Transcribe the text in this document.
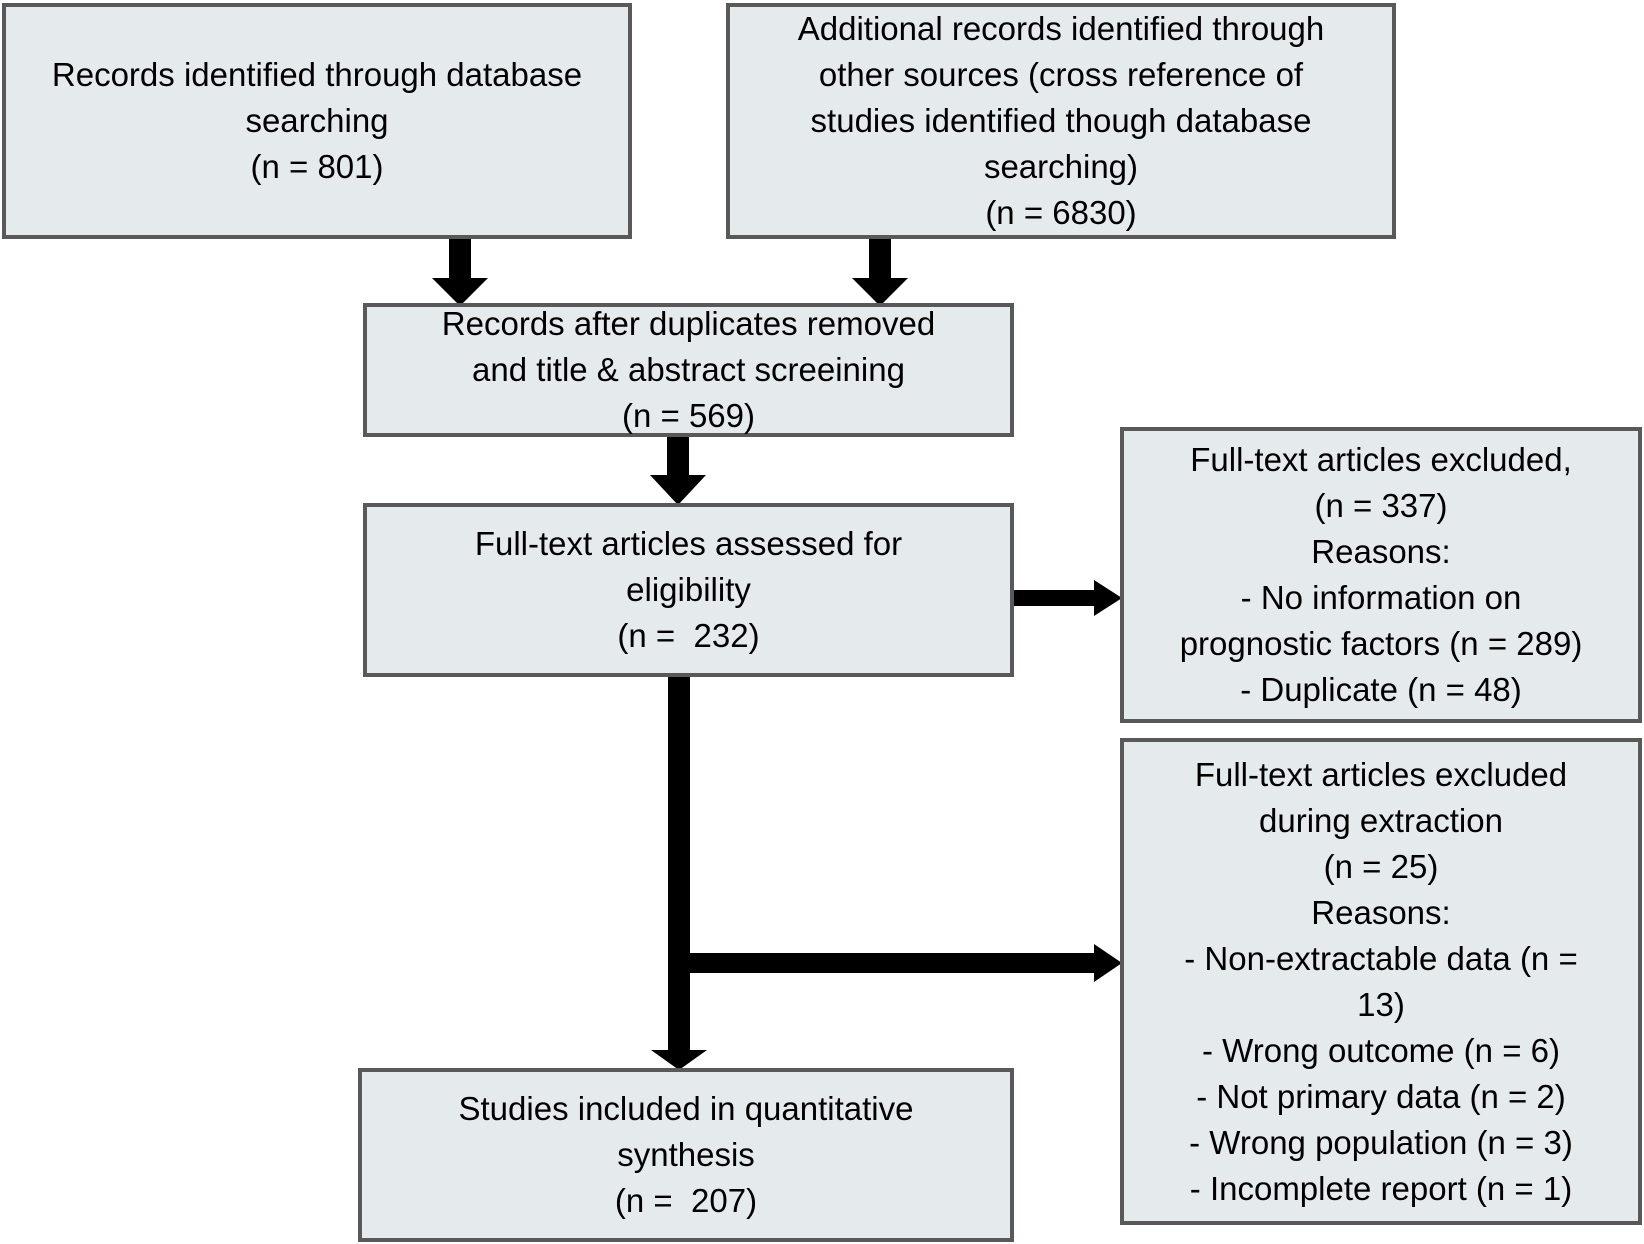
Records identified through database
searching
(n = 801)
Additional records identified through
other sources (cross reference of
studies identified though database
searching)
(n = 6830)
Records after duplicates removed
and title & abstract screeining
(n = 569)
Full-text articles assessed for
eligibility
(n =  232)
Full-text articles excluded,
(n = 337)
Reasons:
- No information on
prognostic factors (n = 289)
- Duplicate (n = 48)
Full-text articles excluded
during extraction
(n = 25)
Reasons:
- Non-extractable data (n =
13)
- Wrong outcome (n = 6)
- Not primary data (n = 2)
- Wrong population (n = 3)
- Incomplete report (n = 1)
Studies included in quantitative
synthesis
(n =  207)
